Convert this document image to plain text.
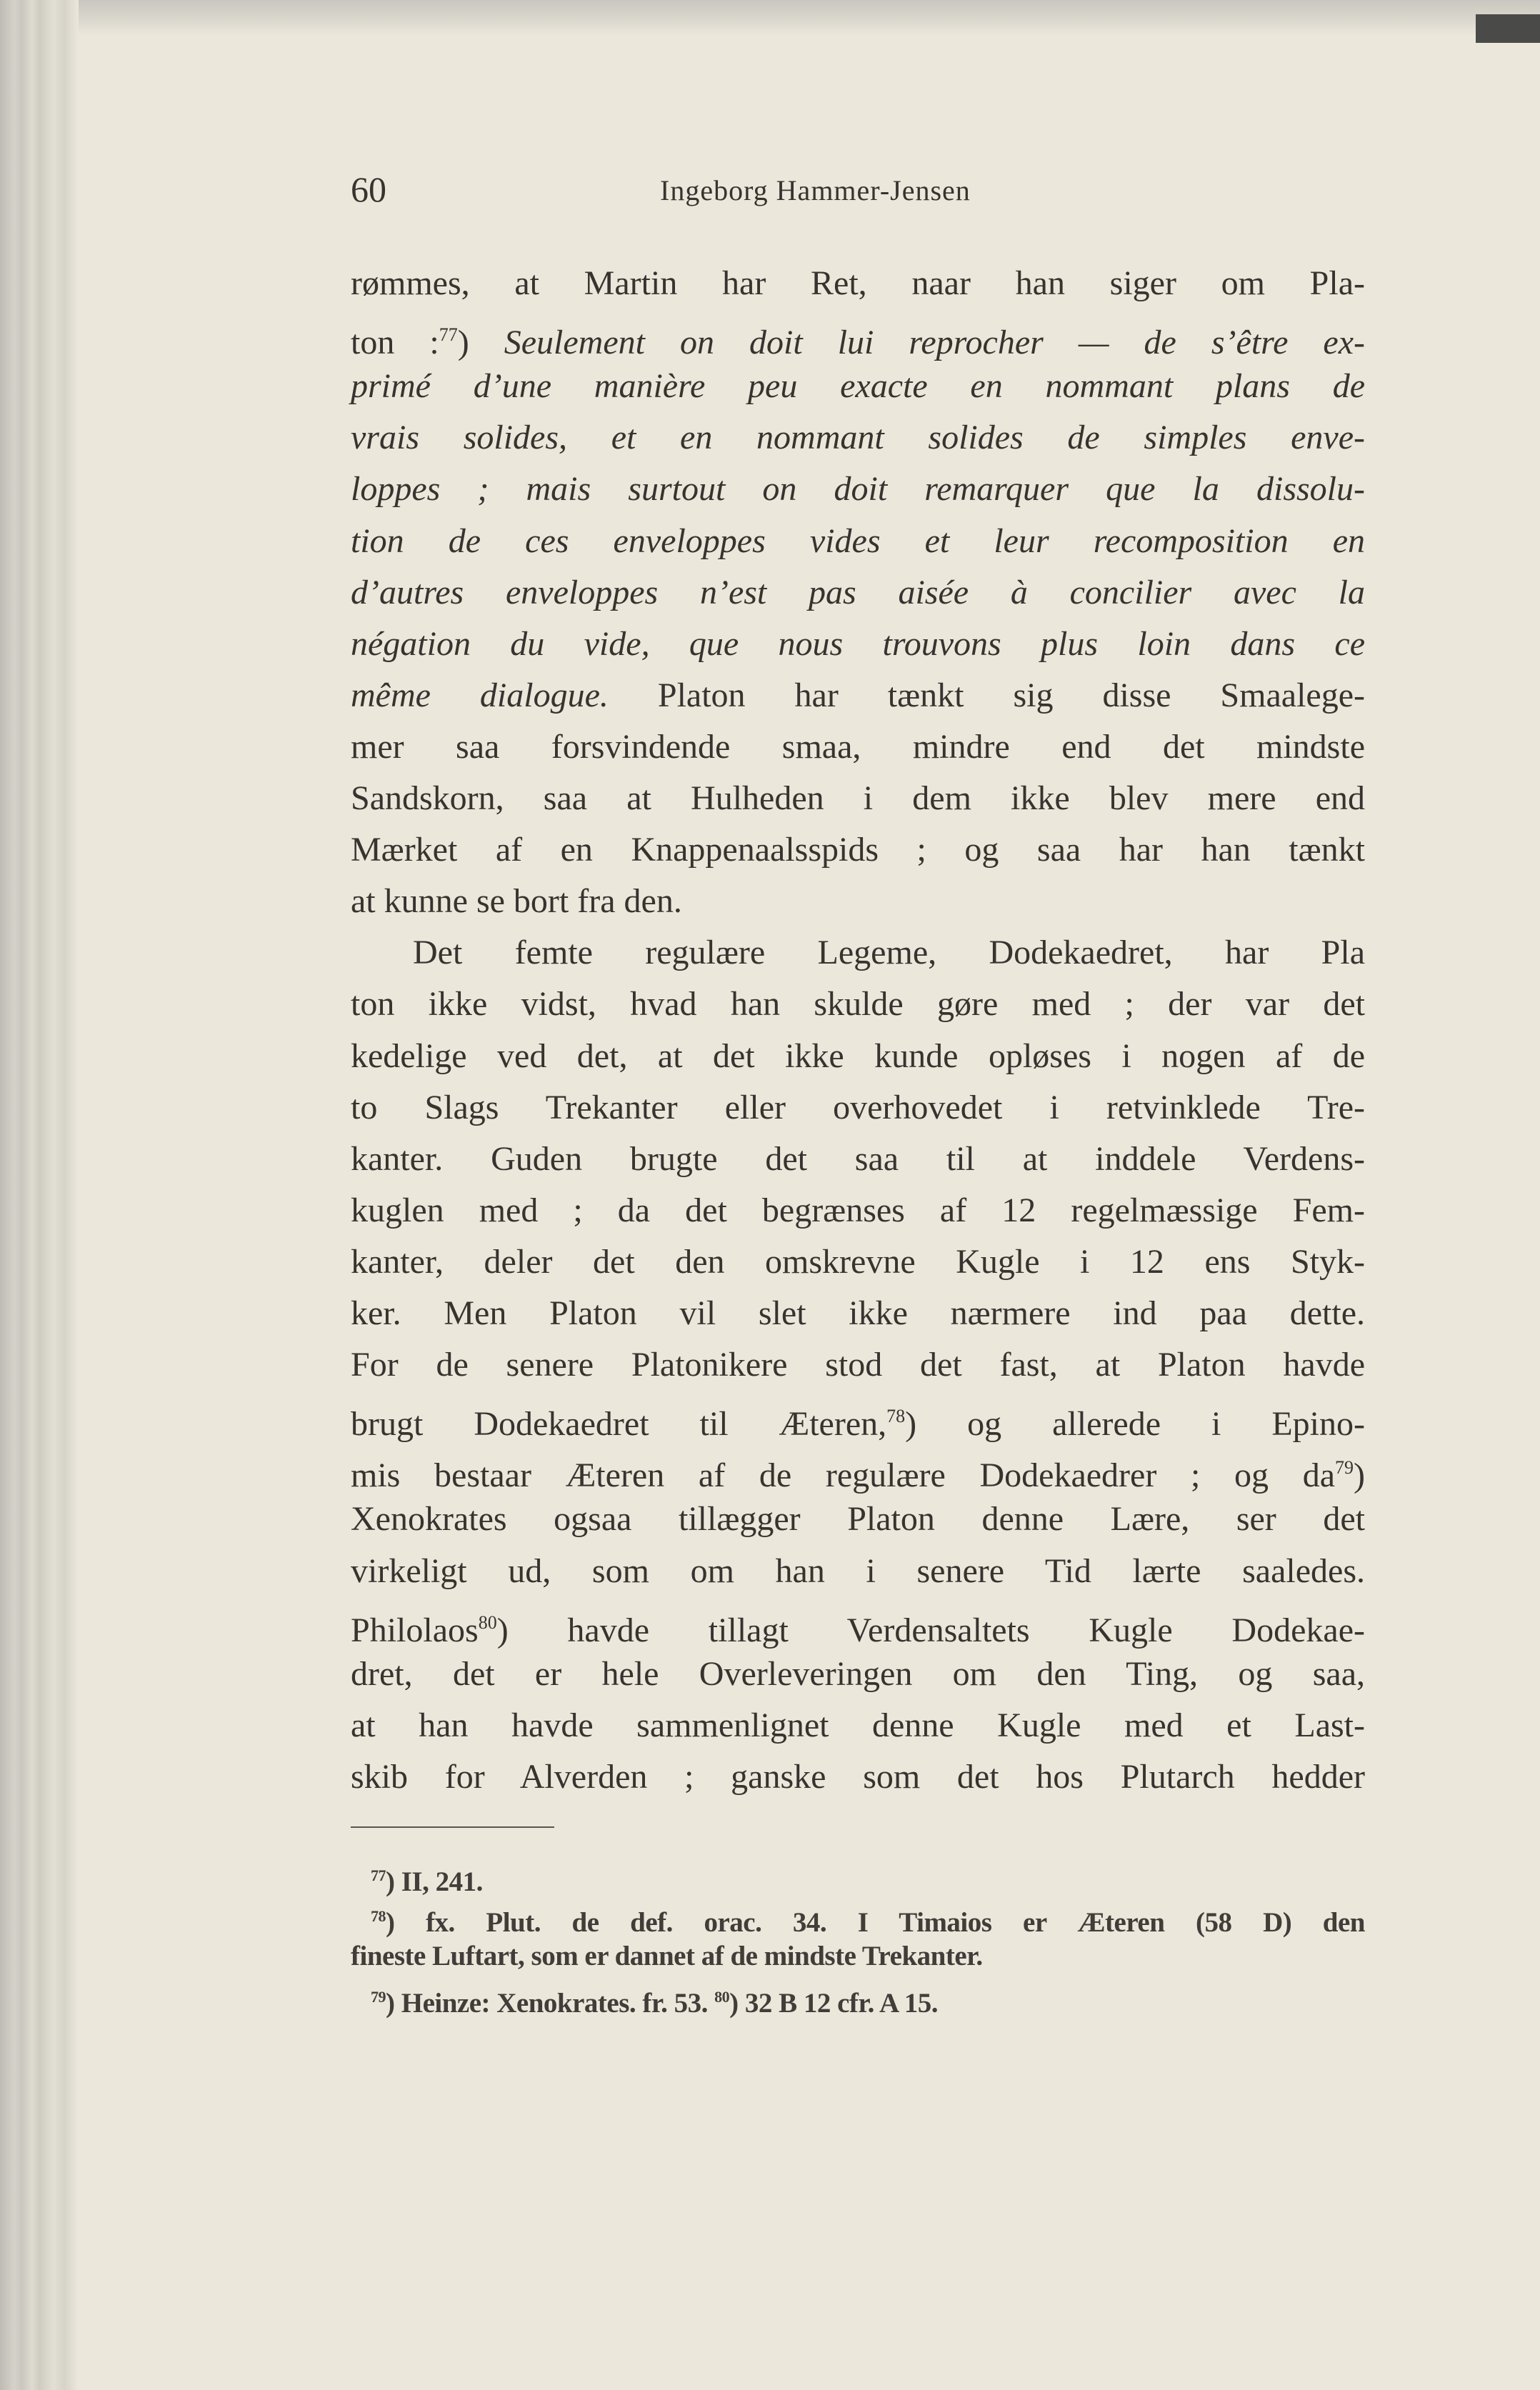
60	Ingeborg Hammer-Jensen
rømmes, at Martin har Ret, naar han siger om Pla-
ton :$^{77}$) Seulement on doit lui reprocher — de s’être ex-
primé d’une manière peu exacte en nommant plans de
vrais solides, et en nommant solides de simples enve-
loppes ; mais surtout on doit remarquer que la dissolu-
tion de ces enveloppes vides et leur recomposition en
d’autres enveloppes n’est pas aisée à concilier avec la
négation du vide, que nous trouvons plus loin dans ce
même dialogue. Platon har tænkt sig disse Smaalege-
mer saa forsvindende smaa, mindre end det mindste
Sandskorn, saa at Hulheden i dem ikke blev mere end
Mærket af en Knappenaalsspids ; og saa har han tænkt
at kunne se bort fra den.
Det femte regulære Legeme, Dodekaedret, har Pla
ton ikke vidst, hvad han skulde gøre med ; der var det
kedelige ved det, at det ikke kunde opløses i nogen af de
to Slags Trekanter eller overhovedet i retvinklede Tre-
kanter. Guden brugte det saa til at inddele Verdens-
kuglen med ; da det begrænses af 12 regelmæssige Fem-
kanter, deler det den omskrevne Kugle i 12 ens Styk-
ker. Men Platon vil slet ikke nærmere ind paa dette.
For de senere Platonikere stod det fast, at Platon havde
brugt Dodekaedret til Æteren,$^{78}$) og allerede i Epino-
mis bestaar Æteren af de regulære Dodekaedrer ; og $da^{79}$)
Xenokrates ogsaa tillægger Platon denne Lære, ser det
virkeligt ud, som om han i senere Tid lærte saaledes.
Philolaos$^{80}$) havde tillagt Verdensaltets Kugle Dodekae-
dret, det er hele Overleveringen om den Ting, og saa,
at han havde sammenlignet denne Kugle med et Last-
skib for Alverden ; ganske som det hos Plutarch hedder
$^{77}$) II, 241.
$^{78}$) fx. Plut. de def. orac. 34. I Timaios er Æteren (58 D) den
fineste Luftart, som er dannet af de mindste Trekanter.
$^{79}$) Heinze: Xenokrates. fr. 53. $^{80}$) 32 B 12 cfr. A 15.
